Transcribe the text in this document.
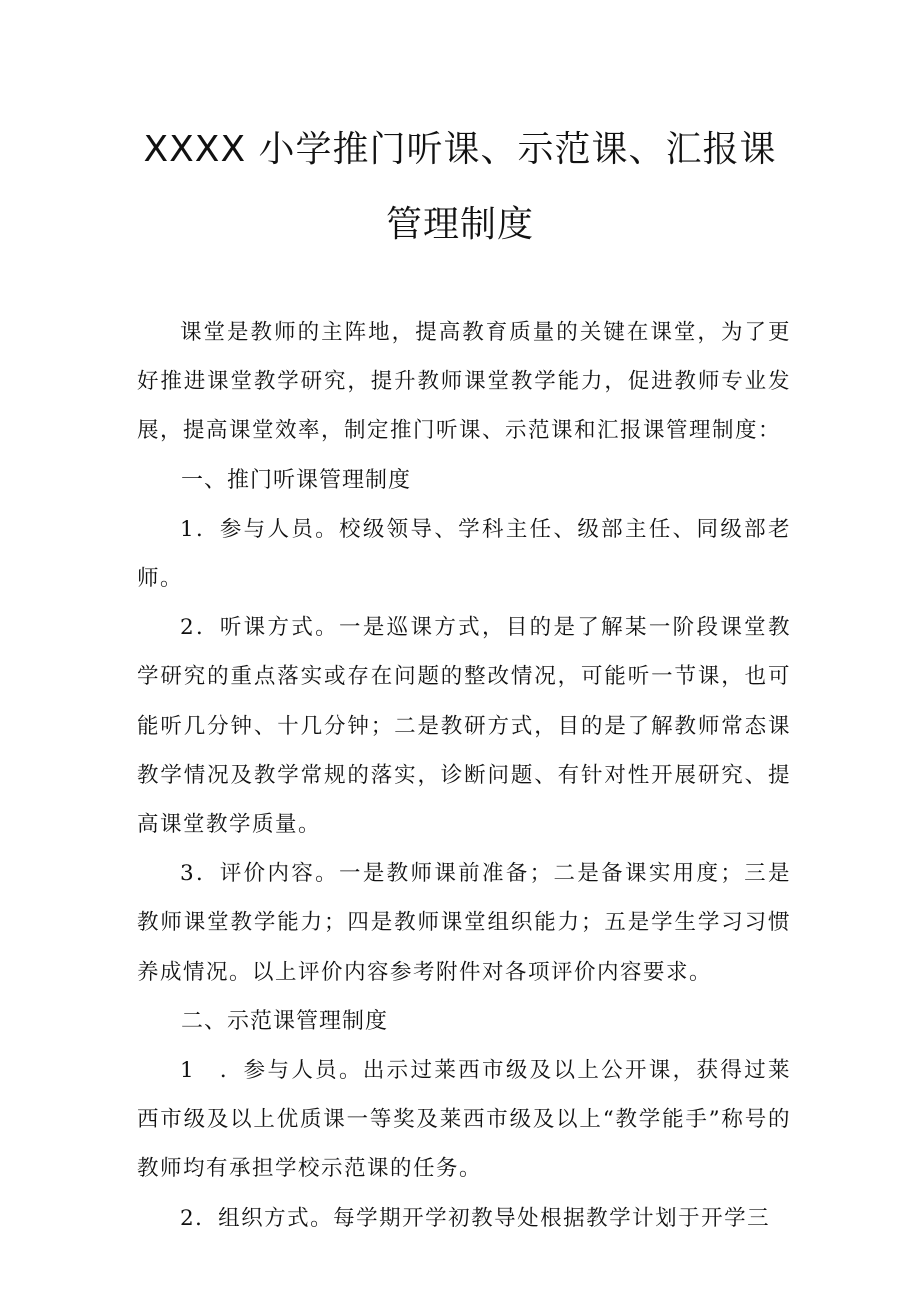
XXXX 小学推门听课、示范课、汇报课
管理制度

课堂是教师的主阵地，提高教育质量的关键在课堂，为了更好推进课堂教学研究，提升教师课堂教学能力，促进教师专业发展，提高课堂效率，制定推门听课、示范课和汇报课管理制度：

一、推门听课管理制度

1．参与人员。校级领导、学科主任、级部主任、同级部老师。

2．听课方式。一是巡课方式，目的是了解某一阶段课堂教学研究的重点落实或存在问题的整改情况，可能听一节课，也可能听几分钟、十几分钟；二是教研方式，目的是了解教师常态课教学情况及教学常规的落实，诊断问题、有针对性开展研究、提高课堂教学质量。

3．评价内容。一是教师课前准备；二是备课实用度；三是教师课堂教学能力；四是教师课堂组织能力；五是学生学习习惯养成情况。以上评价内容参考附件对各项评价内容要求。

二、示范课管理制度

1　．参与人员。出示过莱西市级及以上公开课，获得过莱西市级及以上优质课一等奖及莱西市级及以上“教学能手”称号的教师均有承担学校示范课的任务。

2．组织方式。每学期开学初教导处根据教学计划于开学三
